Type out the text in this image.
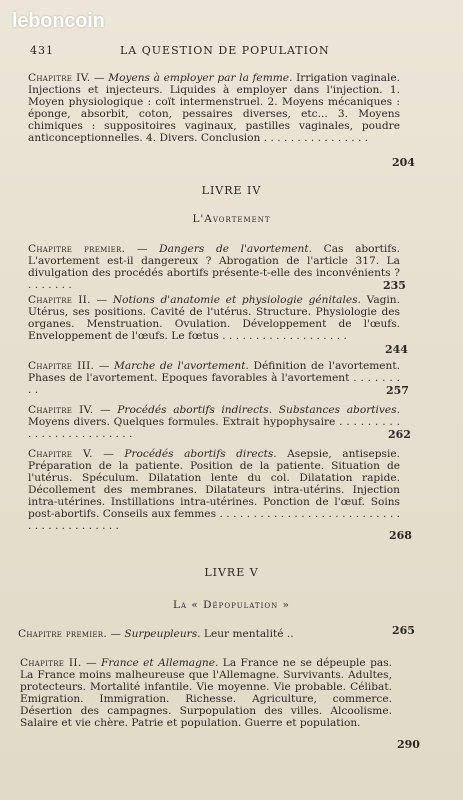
leboncoin
431	LA QUESTION DE POPULATION
Chapitre IV. — Moyens à employer par la femme. Irrigation vaginale. Injections et injecteurs. Liquides à employer dans l'injection. 1. Moyen physiologique : coït intermenstruel. 2. Moyens mécaniques : éponge, absorbit, coton, pessaires diverses, etc... 3. Moyens chimiques : suppositoires vaginaux, pastilles vaginales, poudre anticonceptionnelles. 4. Divers. Conclusion . . . . . . . . . . . . . . . .
204
LIVRE IV
L'Avortement
Chapitre premier. — Dangers de l'avortement. Cas abortifs. L'avortement est-il dangereux ? Abrogation de l'article 317. La divulgation des procédés abortifs présente-t-elle des inconvénients ? . . . . . . .	235
Chapitre II. — Notions d'anatomie et physiologie génitales. Vagin. Utérus, ses positions. Cavité de l'utérus. Structure. Physiologie des organes. Menstruation. Ovulation. Développement de l'œufs. Enveloppement de l'œufs. Le fœtus . . . . . . . . . . . . . . . . . . .
244
Chapitre III. — Marche de l'avortement. Définition de l'avortement. Phases de l'avortement. Epoques favorables à l'avortement . . . . . . . . .	257
Chapitre IV. — Procédés abortifs indirects. Substances abortives. Moyens divers. Quelques formules. Extrait hypophysaire . . . . . . . . . . . . . . . . . . . . . . . . .	262
Chapitre V. — Procédés abortifs directs. Asepsie, antisepsie. Préparation de la patiente. Position de la patiente. Situation de l'utérus. Spéculum. Dilatation lente du col. Dilatation rapide. Décollement des membranes. Dilatateurs intra-utérins. Injection intra-utérines. Instillations intra-utérines. Ponction de l'œuf. Soins post-abortifs. Conseils aux femmes . . . . . . . . . . . . . . . . . . . . . . . . . . . . . . . . . . . . . . . . .
268
LIVRE V
La « Dépopulation »
Chapitre premier. — Surpeupleurs. Leur mentalité ..	265
Chapitre II. — France et Allemagne. La France ne se dépeuple pas. La France moins malheureuse que l'Allemagne. Survivants. Adultes, protecteurs. Mortalité infantile. Vie moyenne. Vie probable. Célibat. Emigration. Immigration. Richesse. Agriculture, commerce. Désertion des campagnes. Surpopulation des villes. Alcoolisme. Salaire et vie chère. Patrie et population. Guerre et population.
290
